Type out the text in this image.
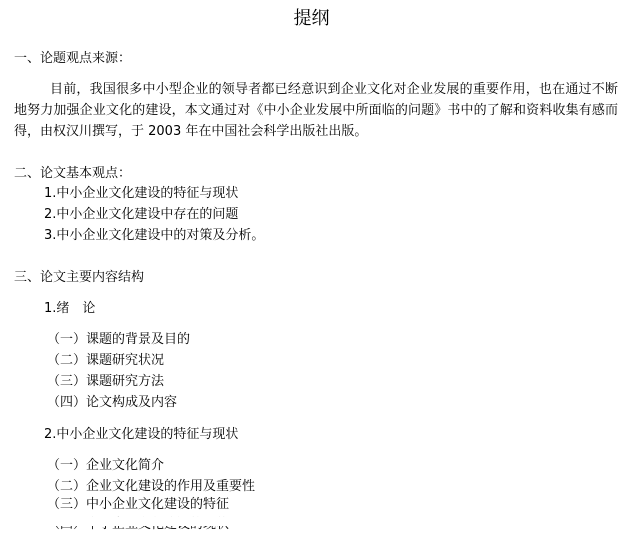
提纲
一、论题观点来源：
目前，我国很多中小型企业的领导者都已经意识到企业文化对企业发展的重要作用，也在通过不断地努力加强企业文化的建设，本文通过对《中小企业发展中所面临的问题》书中的了解和资料收集有感而得，由权汉川撰写，于 2003 年在中国社会科学出版社出版。
二、论文基本观点：
1.中小企业文化建设的特征与现状
2.中小企业文化建设中存在的问题
3.中小企业文化建设中的对策及分析。
三、论文主要内容结构
1.绪　论
（一）课题的背景及目的
（二）课题研究状况
（三）课题研究方法
（四）论文构成及内容
2.中小企业文化建设的特征与现状
（一）企业文化简介
（二）企业文化建设的作用及重要性
（三）中小企业文化建设的特征
